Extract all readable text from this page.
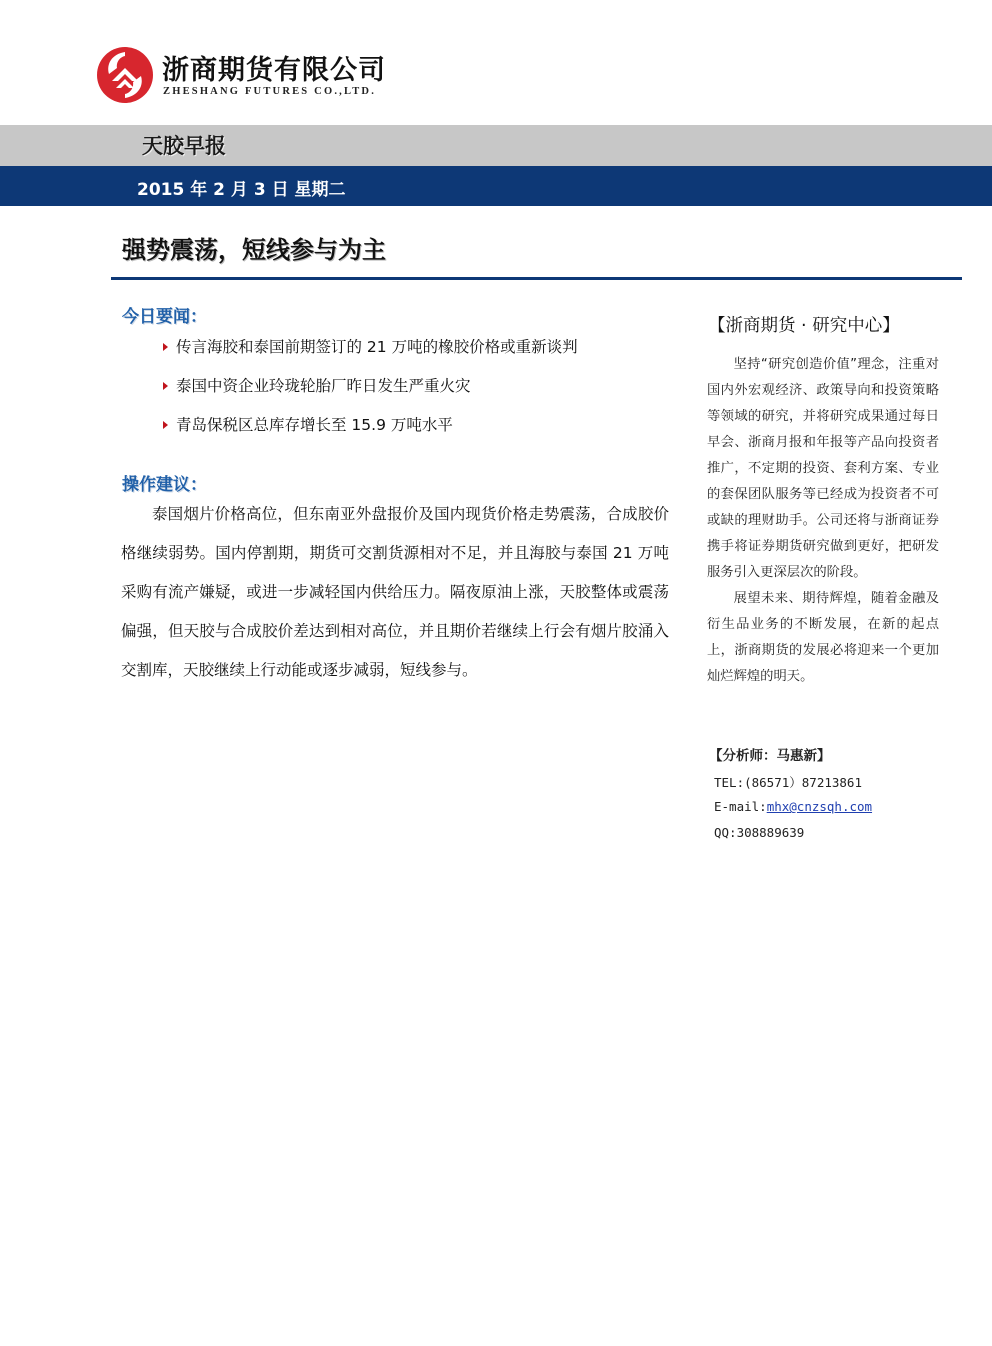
浙商期货有限公司
ZHESHANG FUTURES CO.,LTD.
天胶早报
2015 年 2 月 3 日 星期二
强势震荡，短线参与为主
今日要闻：
传言海胶和泰国前期签订的 21 万吨的橡胶价格或重新谈判
泰国中资企业玲珑轮胎厂昨日发生严重火灾
青岛保税区总库存增长至 15.9 万吨水平
操作建议：
泰国烟片价格高位，但东南亚外盘报价及国内现货价格走势震荡，合成胶价格继续弱势。国内停割期，期货可交割货源相对不足，并且海胶与泰国 21 万吨采购有流产嫌疑，或进一步减轻国内供给压力。隔夜原油上涨，天胶整体或震荡偏强，但天胶与合成胶价差达到相对高位，并且期价若继续上行会有烟片胶涌入交割库，天胶继续上行动能或逐步减弱，短线参与。
【浙商期货 · 研究中心】

坚持“研究创造价值”理念，注重对国内外宏观经济、政策导向和投资策略等领域的研究，并将研究成果通过每日早会、浙商月报和年报等产品向投资者推广，不定期的投资、套利方案、专业的套保团队服务等已经成为投资者不可或缺的理财助手。公司还将与浙商证券携手将证券期货研究做到更好，把研发服务引入更深层次的阶段。

展望未来、期待辉煌，随着金融及衍生品业务的不断发展，在新的起点上，浙商期货的发展必将迎来一个更加灿烂辉煌的明天。

【分析师：马惠新】
TEL:(86571）87213861
E-mail:mhx@cnzsqh.com
QQ:308889639
